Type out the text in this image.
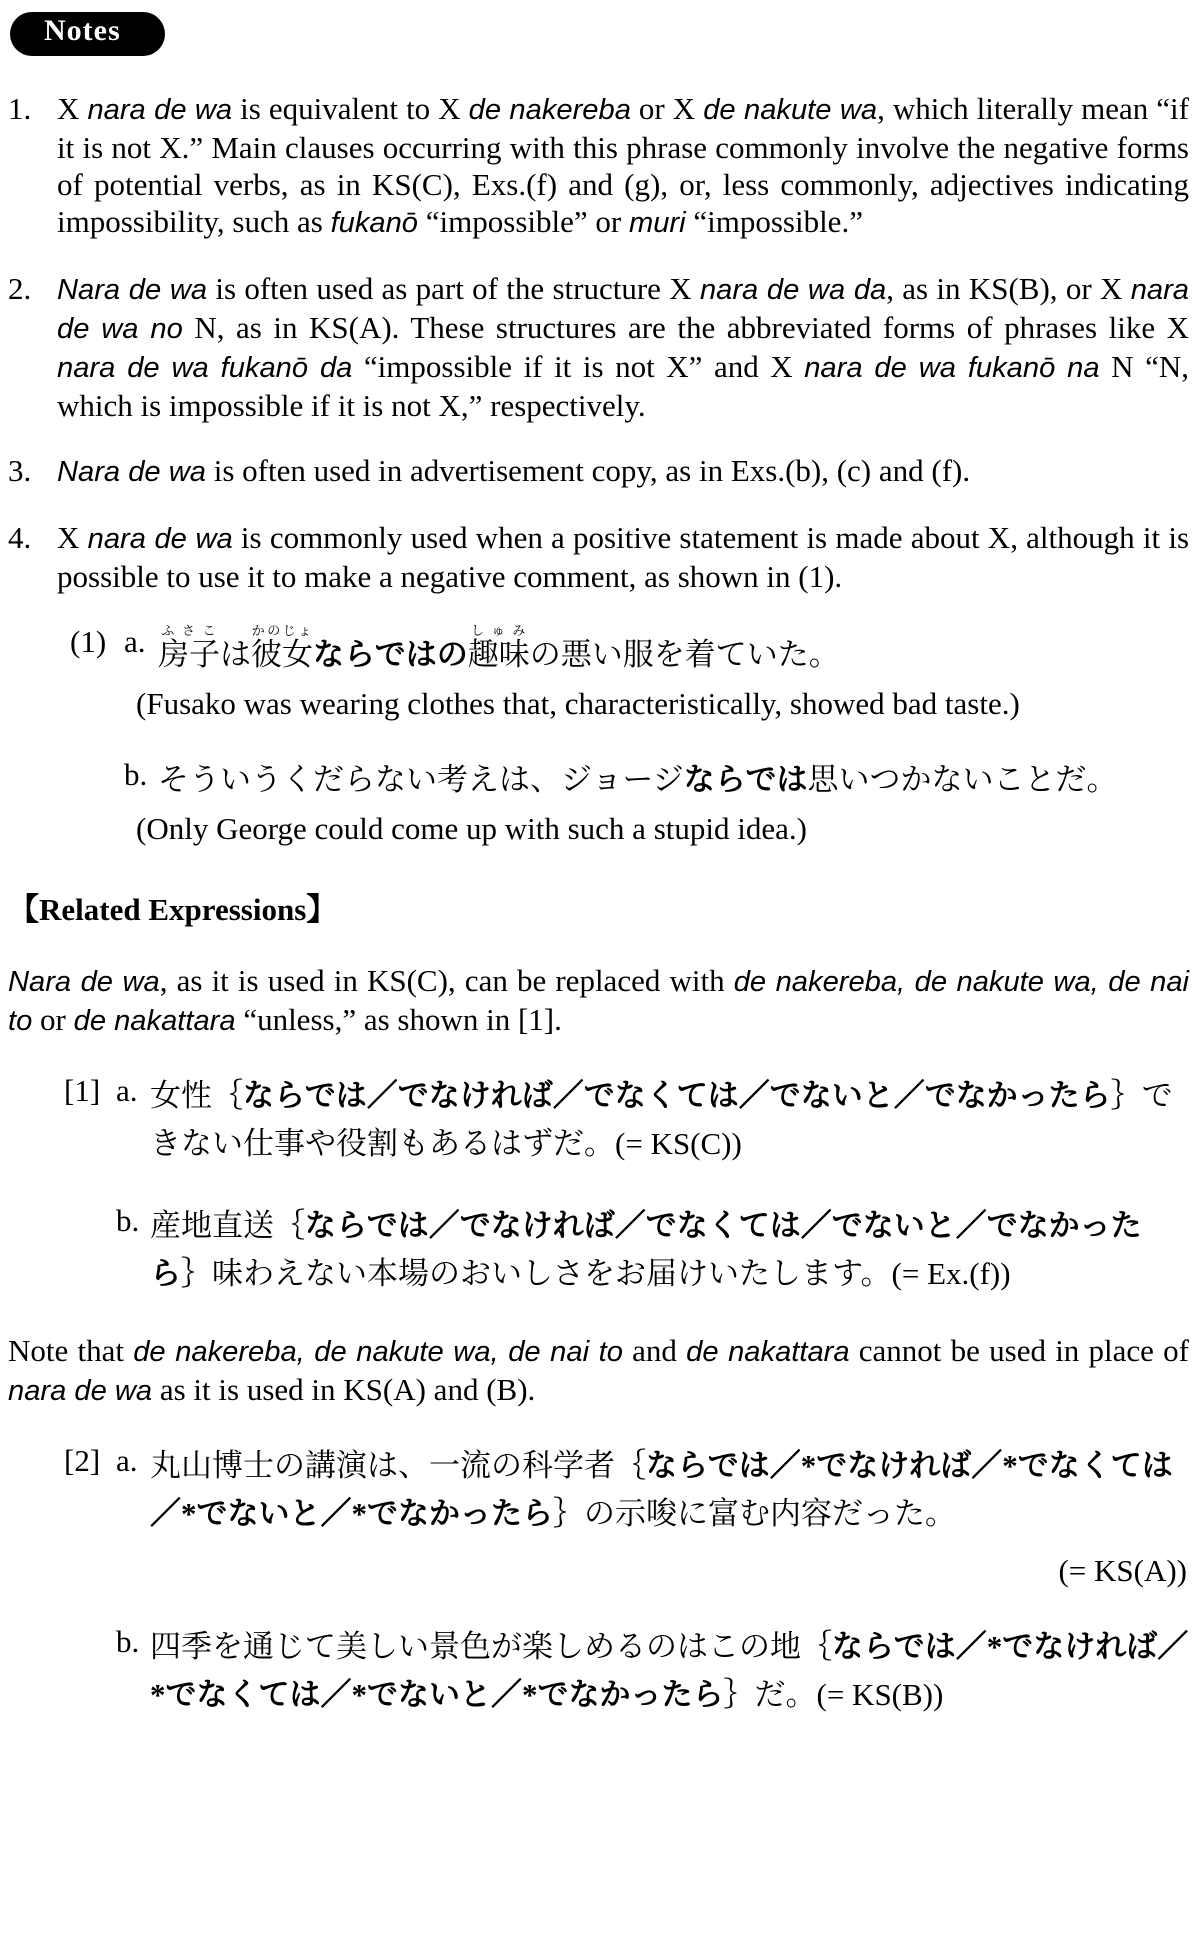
Notes
1. X nara de wa is equivalent to X de nakereba or X de nakute wa, which literally mean “if it is not X.” Main clauses occurring with this phrase commonly involve the negative forms of potential verbs, as in KS(C), Exs.(f) and (g), or, less commonly, adjectives indicating impossibility, such as fukanō “impossible” or muri “impossible.”
2. Nara de wa is often used as part of the structure X nara de wa da, as in KS(B), or X nara de wa no N, as in KS(A). These structures are the abbreviated forms of phrases like X nara de wa fukanō da “impossible if it is not X” and X nara de wa fukanō na N “N, which is impossible if it is not X,” respectively.
3. Nara de wa is often used in advertisement copy, as in Exs.(b), (c) and (f).
4. X nara de wa is commonly used when a positive statement is made about X, although it is possible to use it to make a negative comment, as shown in (1).
(1) a. 房子ふさこは彼女かのじょならではの趣味しゅみの悪い服を着ていた。
(Fusako was wearing clothes that, characteristically, showed bad taste.)
b. そういうくだらない考えは、ジョージならでは思いつかないことだ。
(Only George could come up with such a stupid idea.)
【Related Expressions】

Nara de wa, as it is used in KS(C), can be replaced with de nakereba, de nakute wa, de nai to or de nakattara “unless,” as shown in [1].

[1] a. 女性｛ならでは／でなければ／でなくては／でないと／でなかったら｝できない仕事や役割もあるはずだ。(= KS(C))
b. 産地直送｛ならでは／でなければ／でなくては／でないと／でなかったら｝味わえない本場のおいしさをお届けいたします。(= Ex.(f))

Note that de nakereba, de nakute wa, de nai to and de nakattara cannot be used in place of nara de wa as it is used in KS(A) and (B).

[2] a. 丸山博士の講演は、一流の科学者｛ならでは／*でなければ／*でなくては／*でないと／*でなかったら｝の示唆に富む内容だった。
(= KS(A))
b. 四季を通じて美しい景色が楽しめるのはこの地｛ならでは／*でなければ／*でなくては／*でないと／*でなかったら｝だ。(= KS(B))
